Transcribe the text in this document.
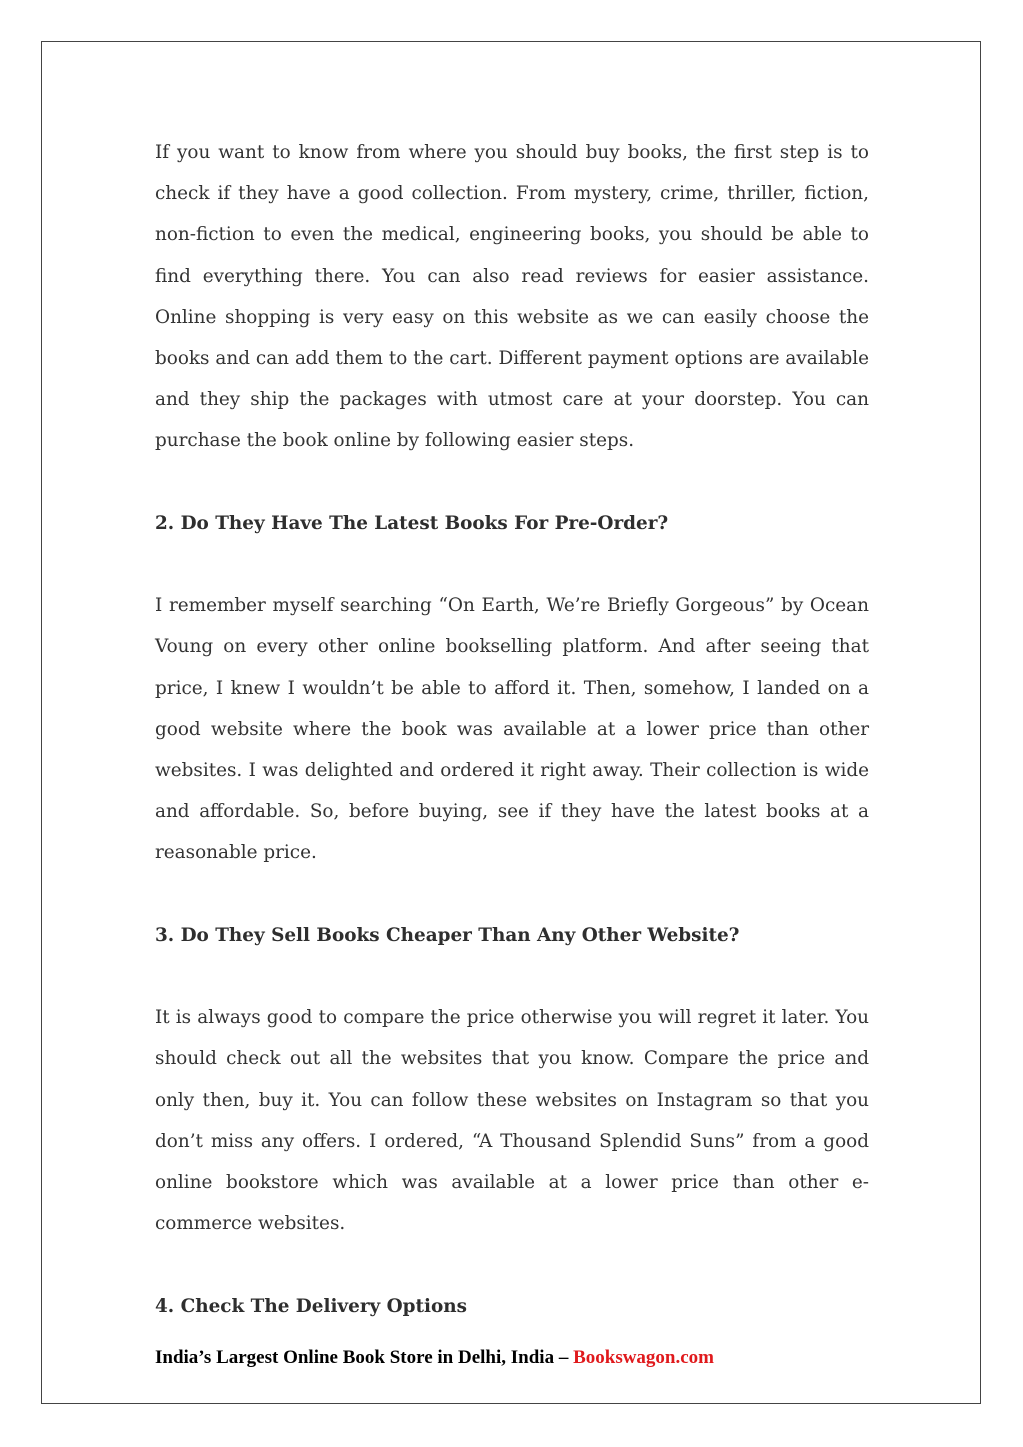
If you want to know from where you should buy books, the first step is to check if they have a good collection. From mystery, crime, thriller, fiction, non-fiction to even the medical, engineering books, you should be able to find everything there. You can also read reviews for easier assistance. Online shopping is very easy on this website as we can easily choose the books and can add them to the cart. Different payment options are available and they ship the packages with utmost care at your doorstep. You can purchase the book online by following easier steps.

2. Do They Have The Latest Books For Pre-Order?

I remember myself searching “On Earth, We’re Briefly Gorgeous” by Ocean Voung on every other online bookselling platform. And after seeing that price, I knew I wouldn’t be able to afford it. Then, somehow, I landed on a good website where the book was available at a lower price than other websites. I was delighted and ordered it right away. Their collection is wide and affordable. So, before buying, see if they have the latest books at a reasonable price.

3. Do They Sell Books Cheaper Than Any Other Website?

It is always good to compare the price otherwise you will regret it later. You should check out all the websites that you know. Compare the price and only then, buy it. You can follow these websites on Instagram so that you don’t miss any offers. I ordered, “A Thousand Splendid Suns” from a good online bookstore which was available at a lower price than other e-commerce websites.

4. Check The Delivery Options

India’s Largest Online Book Store in Delhi, India – Bookswagon.com
